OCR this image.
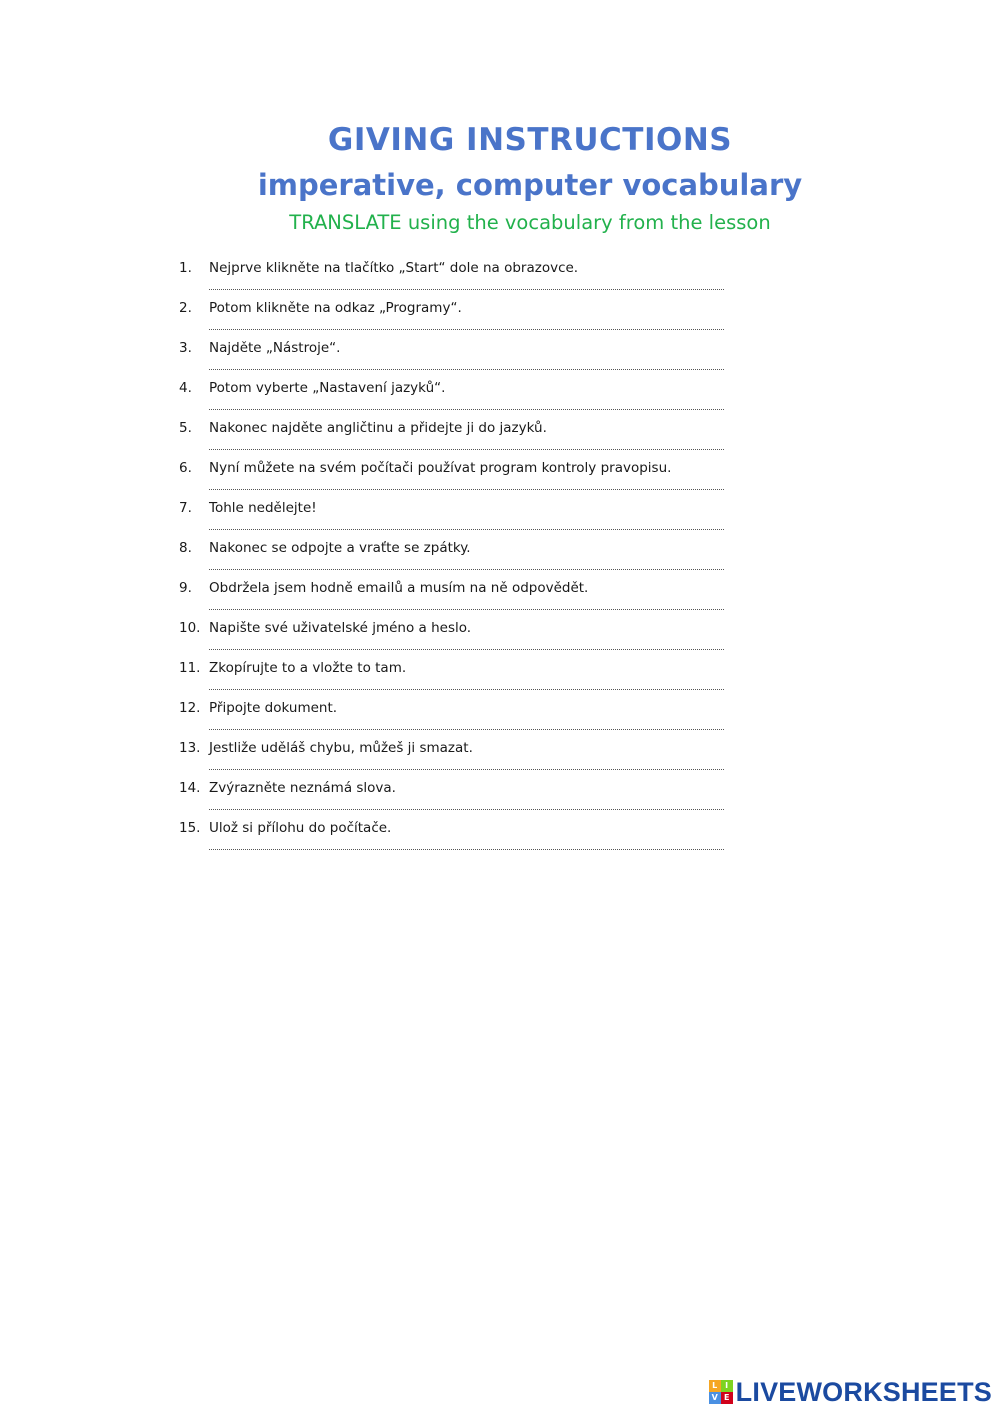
GIVING INSTRUCTIONS
imperative, computer vocabulary

TRANSLATE using the vocabulary from the lesson

1. Nejprve klikněte na tlačítko „Start“ dole na obrazovce.
2. Potom klikněte na odkaz „Programy“.
3. Najděte „Nástroje“.
4. Potom vyberte „Nastavení jazyků“.
5. Nakonec najděte angličtinu a přidejte ji do jazyků.
6. Nyní můžete na svém počítači používat program kontroly pravopisu.
7. Tohle nedělejte!
8. Nakonec se odpojte a vraťte se zpátky.
9. Obdržela jsem hodně emailů a musím na ně odpovědět.
10. Napište své uživatelské jméno a heslo.
11. Zkopírujte to a vložte to tam.
12. Připojte dokument.
13. Jestliže uděláš chybu, můžeš ji smazat.
14. Zvýrazněte neznámá slova.
15. Ulož si přílohu do počítače.
L I
V E LIVEWORKSHEETS
